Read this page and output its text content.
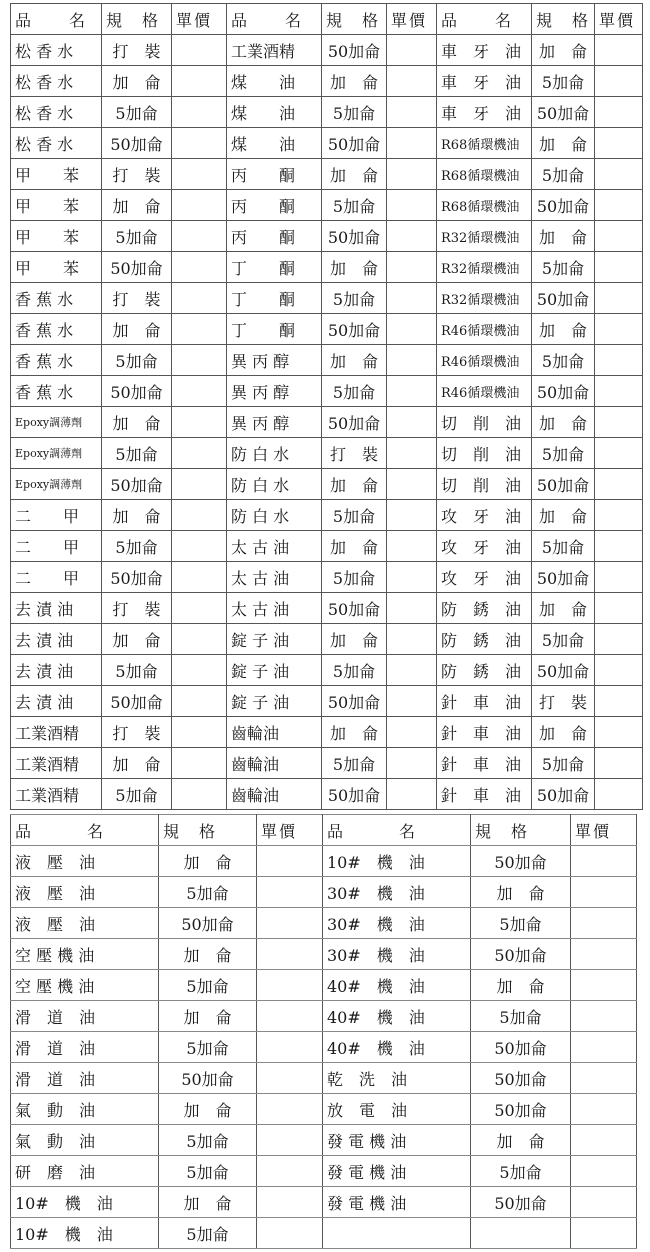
品　　名	規　格	單價	品　　名	規　格	單價	品　　名	規　格	單價
松 香 水	打　裝		工業酒精	50加侖		車　牙　油	加　侖	
松 香 水	加　侖		煤　　油	加　侖		車　牙　油	5加侖	
松 香 水	5加侖		煤　　油	5加侖		車　牙　油	50加侖	
松 香 水	50加侖		煤　　油	50加侖		R68循環機油	加　侖	
甲　　苯	打　裝		丙　　酮	加　侖		R68循環機油	5加侖	
甲　　苯	加　侖		丙　　酮	5加侖		R68循環機油	50加侖	
甲　　苯	5加侖		丙　　酮	50加侖		R32循環機油	加　侖	
甲　　苯	50加侖		丁　　酮	加　侖		R32循環機油	5加侖	
香 蕉 水	打　裝		丁　　酮	5加侖		R32循環機油	50加侖	
香 蕉 水	加　侖		丁　　酮	50加侖		R46循環機油	加　侖	
香 蕉 水	5加侖		異 丙 醇	加　侖		R46循環機油	5加侖	
香 蕉 水	50加侖		異 丙 醇	5加侖		R46循環機油	50加侖	
Epoxy調薄劑	加　侖		異 丙 醇	50加侖		切　削　油	加　侖	
Epoxy調薄劑	5加侖		防 白 水	打　裝		切　削　油	5加侖	
Epoxy調薄劑	50加侖		防 白 水	加　侖		切　削　油	50加侖	
二　　甲	加　侖		防 白 水	5加侖		攻　牙　油	加　侖	
二　　甲	5加侖		太 古 油	加　侖		攻　牙　油	5加侖	
二　　甲	50加侖		太 古 油	5加侖		攻　牙　油	50加侖	
去 漬 油	打　裝		太 古 油	50加侖		防　銹　油	加　侖	
去 漬 油	加　侖		錠 子 油	加　侖		防　銹　油	5加侖	
去 漬 油	5加侖		錠 子 油	5加侖		防　銹　油	50加侖	
去 漬 油	50加侖		錠 子 油	50加侖		針　車　油	打　裝	
工業酒精	打　裝		齒輪油	加　侖		針　車　油	加　侖	
工業酒精	加　侖		齒輪油	5加侖		針　車　油	5加侖	
工業酒精	5加侖		齒輪油	50加侖		針　車　油	50加侖	
品　　　名	規　格	單價	品　　　名	規　格	單價
液　壓　油	加　侖		10#　機　油	50加侖	
液　壓　油	5加侖		30#　機　油	加　侖	
液　壓　油	50加侖		30#　機　油	5加侖	
空 壓 機 油	加　侖		30#　機　油	50加侖	
空 壓 機 油	5加侖		40#　機　油	加　侖	
滑　道　油	加　侖		40#　機　油	5加侖	
滑　道　油	5加侖		40#　機　油	50加侖	
滑　道　油	50加侖		乾　洗　油	50加侖	
氣　動　油	加　侖		放　電　油	50加侖	
氣　動　油	5加侖		發 電 機 油	加　侖	
研　磨　油	5加侖		發 電 機 油	5加侖	
10#　機　油	加　侖		發 電 機 油	50加侖	
10#　機　油	5加侖				
